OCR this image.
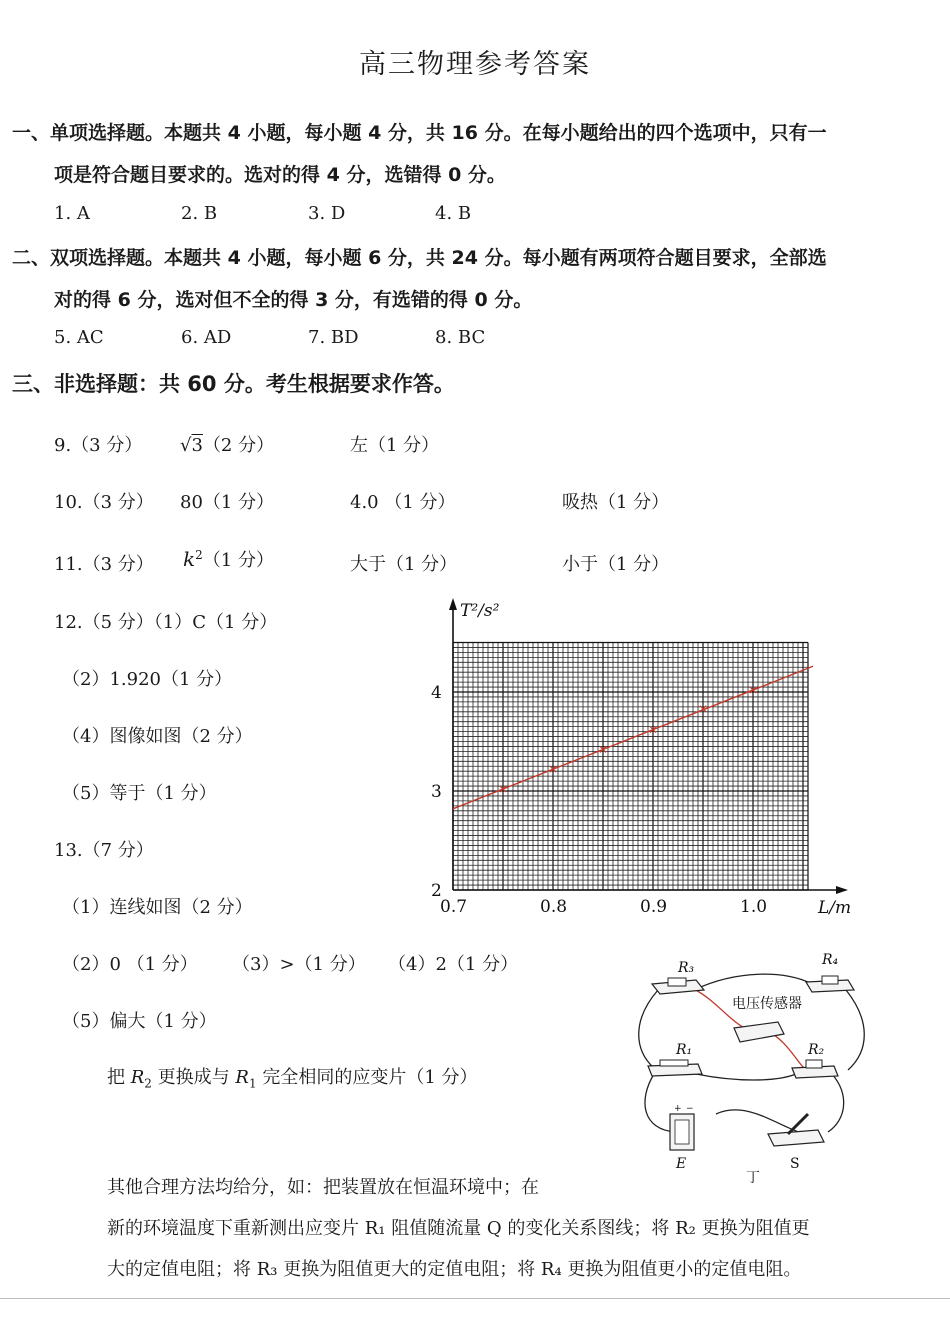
高三物理参考答案
一、单项选择题。本题共 4 小题，每小题 4 分，共 16 分。在每小题给出的四个选项中，只有一
项是符合题目要求的。选对的得 4 分，选错得 0 分。
1. A	2. B	3. D	4. B
二、双项选择题。本题共 4 小题，每小题 6 分，共 24 分。每小题有两项符合题目要求，全部选
对的得 6 分，选对但不全的得 3 分，有选错的得 0 分。
5. AC	6. AD	7. BD	8. BC
三、非选择题：共 60 分。考生根据要求作答。
9.（3 分） √3（2 分）	左（1 分）
10.（3 分） 80（1 分）	4.0 （1 分）	吸热（1 分）
11.（3 分） $k^2(1$ 分）	大于（1 分）	小于（1 分）
12.（5 分）（1）C（1 分）
（2）1.920（1 分）
（4）图像如图（2 分）
（5）等于（1 分）
13.（7 分）
（1）连线如图（2 分）
（2）0 （1 分） （3）>（1 分） （4）2（1 分）
（5）偏大（1 分）
把 $R_2$ 更换成与 $R_1$ 完全相同的应变片（1 分）
其他合理方法均给分，如：把装置放在恒温环境中；在
新的环境温度下重新测出应变片 R₁ 阻值随流量 Q 的变化关系图线；将 R₂ 更换为阻值更
大的定值电阻；将 R₃ 更换为阻值更大的定值电阻；将 R₄ 更换为阻值更小的定值电阻。
T²/s²
L/m
0.7	0.8	0.9	1.0
2
3
4
+ −
R₃	R₄
电压传感器
R₁	R₂
E	S
丁
